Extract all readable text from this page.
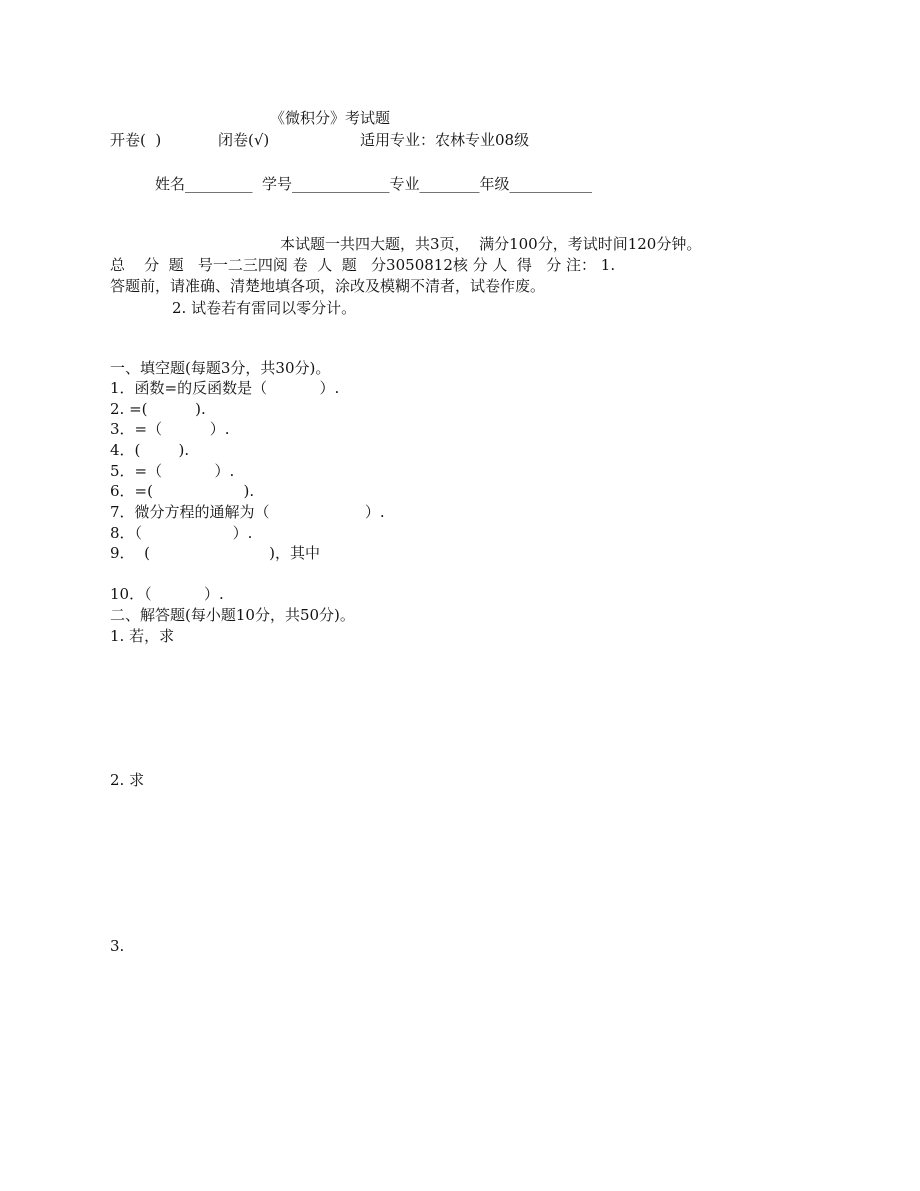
《微积分》考试题
开卷(  )	闭卷(√)	适用专业：农林专业08级
姓名_________  学号_____________专业________年级___________
本试题一共四大题，共3页，  满分100分，考试时间120分钟。
总    分  题   号一二三四阅 卷  人  题   分3050812核 分 人  得   分 注： 1.
答题前，请准确、清楚地填各项，涂改及模糊不清者，试卷作废。
2. 试卷若有雷同以零分计。
一、填空题(每题3分，共30分)。
1．函数=的反函数是（           ）.
2. =(          ).
3．=（          ）.
4．(        ).
5．=（           ）.
6．=(                   ).
7．微分方程的通解为（                    ）.
8．（                   ）.
9．  (                         )，其中
10．（           ）.
二、解答题(每小题10分，共50分)。
1. 若，求
2. 求
3.
